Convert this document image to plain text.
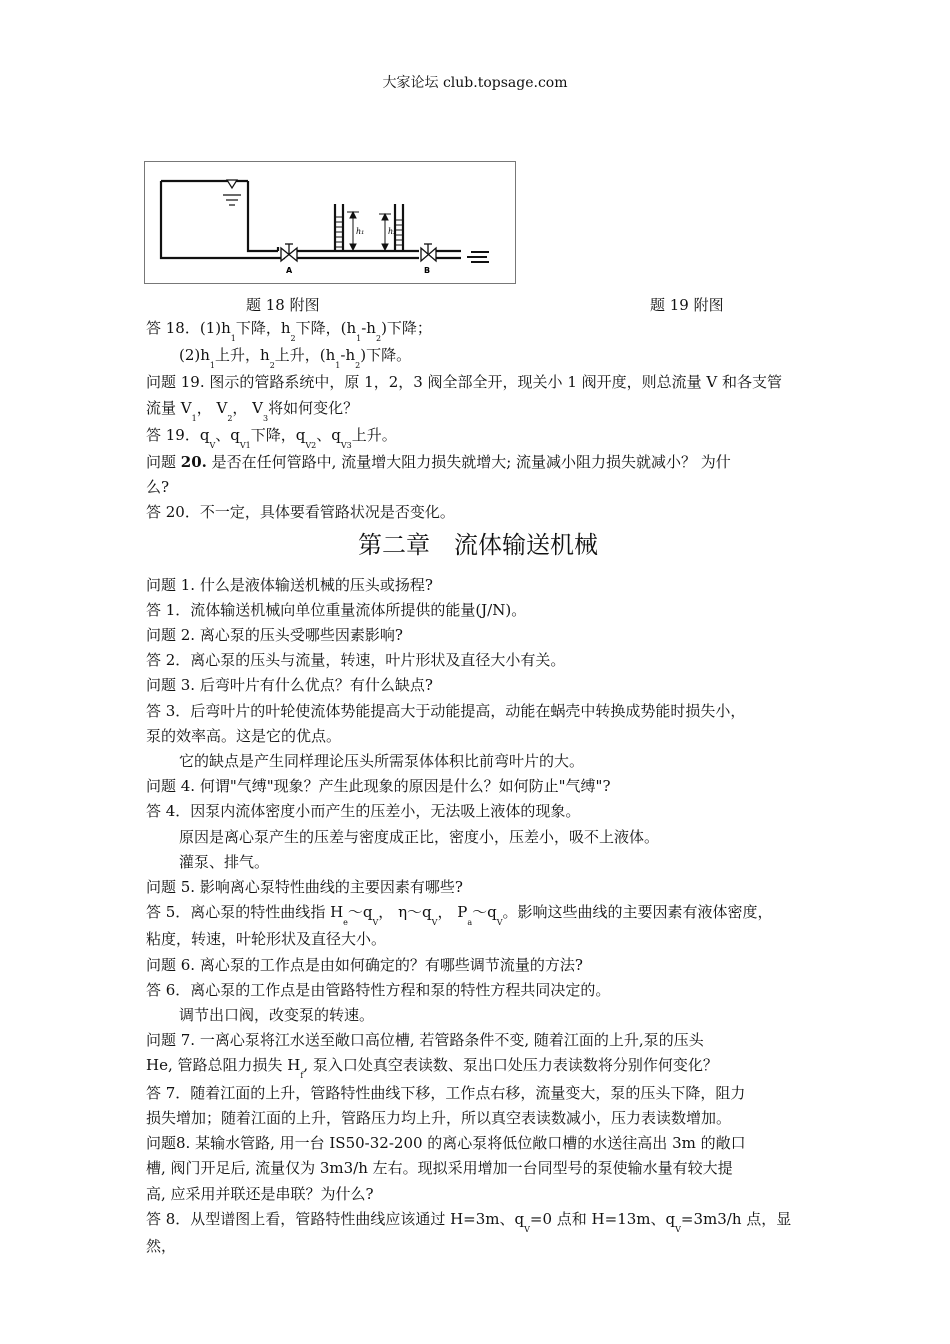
大家论坛 club.topsage.com
h₁	h₂
A	B
题 18 附图	题 19 附图

答 18．$(1)h_1$下降，$h_2$下降，$(h_1-h_2)$下降；

$(2)h_1$上升，$h_2$上升，$(h_1-h_2)$下降。

问题 19. 图示的管路系统中，原 1，2，3 阀全部全开，现关小 1 阀开度，则总流量 V 和各支管

流量 $V_1$， $V_2$， $V_3$将如何变化？

答 19．$q_V$、$q_{V1}$下降，$q_{V2}$、$q_{V3}$上升。

问题 20. 是否在任何管路中, 流量增大阻力损失就增大; 流量减小阻力损失就减小？ 为什

么?

答 20．不一定，具体要看管路状况是否变化。

第二章　流体输送机械

问题 1. 什么是液体输送机械的压头或扬程?

答 1．流体输送机械向单位重量流体所提供的能量(J/N)。

问题 2. 离心泵的压头受哪些因素影响?

答 2．离心泵的压头与流量，转速，叶片形状及直径大小有关。

问题 3. 后弯叶片有什么优点？有什么缺点?

答 3．后弯叶片的叶轮使流体势能提高大于动能提高，动能在蜗壳中转换成势能时损失小，

泵的效率高。这是它的优点。

它的缺点是产生同样理论压头所需泵体体积比前弯叶片的大。

问题 4. 何谓"气缚"现象？产生此现象的原因是什么？如何防止"气缚"?

答 4．因泵内流体密度小而产生的压差小，无法吸上液体的现象。

原因是离心泵产生的压差与密度成正比，密度小，压差小，吸不上液体。

灌泵、排气。

问题 5. 影响离心泵特性曲线的主要因素有哪些?

答 5．离心泵的特性曲线指 $H_e\sim q_V$， $\eta\sim q_V$， $P_a\sim q_V$。影响这些曲线的主要因素有液体密度，

粘度，转速，叶轮形状及直径大小。

问题 6. 离心泵的工作点是由如何确定的？有哪些调节流量的方法?

答 6．离心泵的工作点是由管路特性方程和泵的特性方程共同决定的。

调节出口阀，改变泵的转速。

问题 7. 一离心泵将江水送至敞口高位槽, 若管路条件不变, 随着江面的上升,泵的压头

He, 管路总阻力损失 $H_f$, 泵入口处真空表读数、泵出口处压力表读数将分别作何变化？

答 7．随着江面的上升，管路特性曲线下移，工作点右移，流量变大，泵的压头下降，阻力

损失增加；随着江面的上升，管路压力均上升，所以真空表读数减小，压力表读数增加。

问题8. 某输水管路, 用一台 IS50-32-200 的离心泵将低位敞口槽的水送往高出 3m 的敞口

槽, 阀门开足后, 流量仅为 3m3/h 左右。现拟采用增加一台同型号的泵使输水量有较大提

高, 应采用并联还是串联？为什么?

答 8．从型谱图上看，管路特性曲线应该通过 H=3m、$q_V=0$ 点和 H=13m、$q_V=3m3/h$ 点，显然，
